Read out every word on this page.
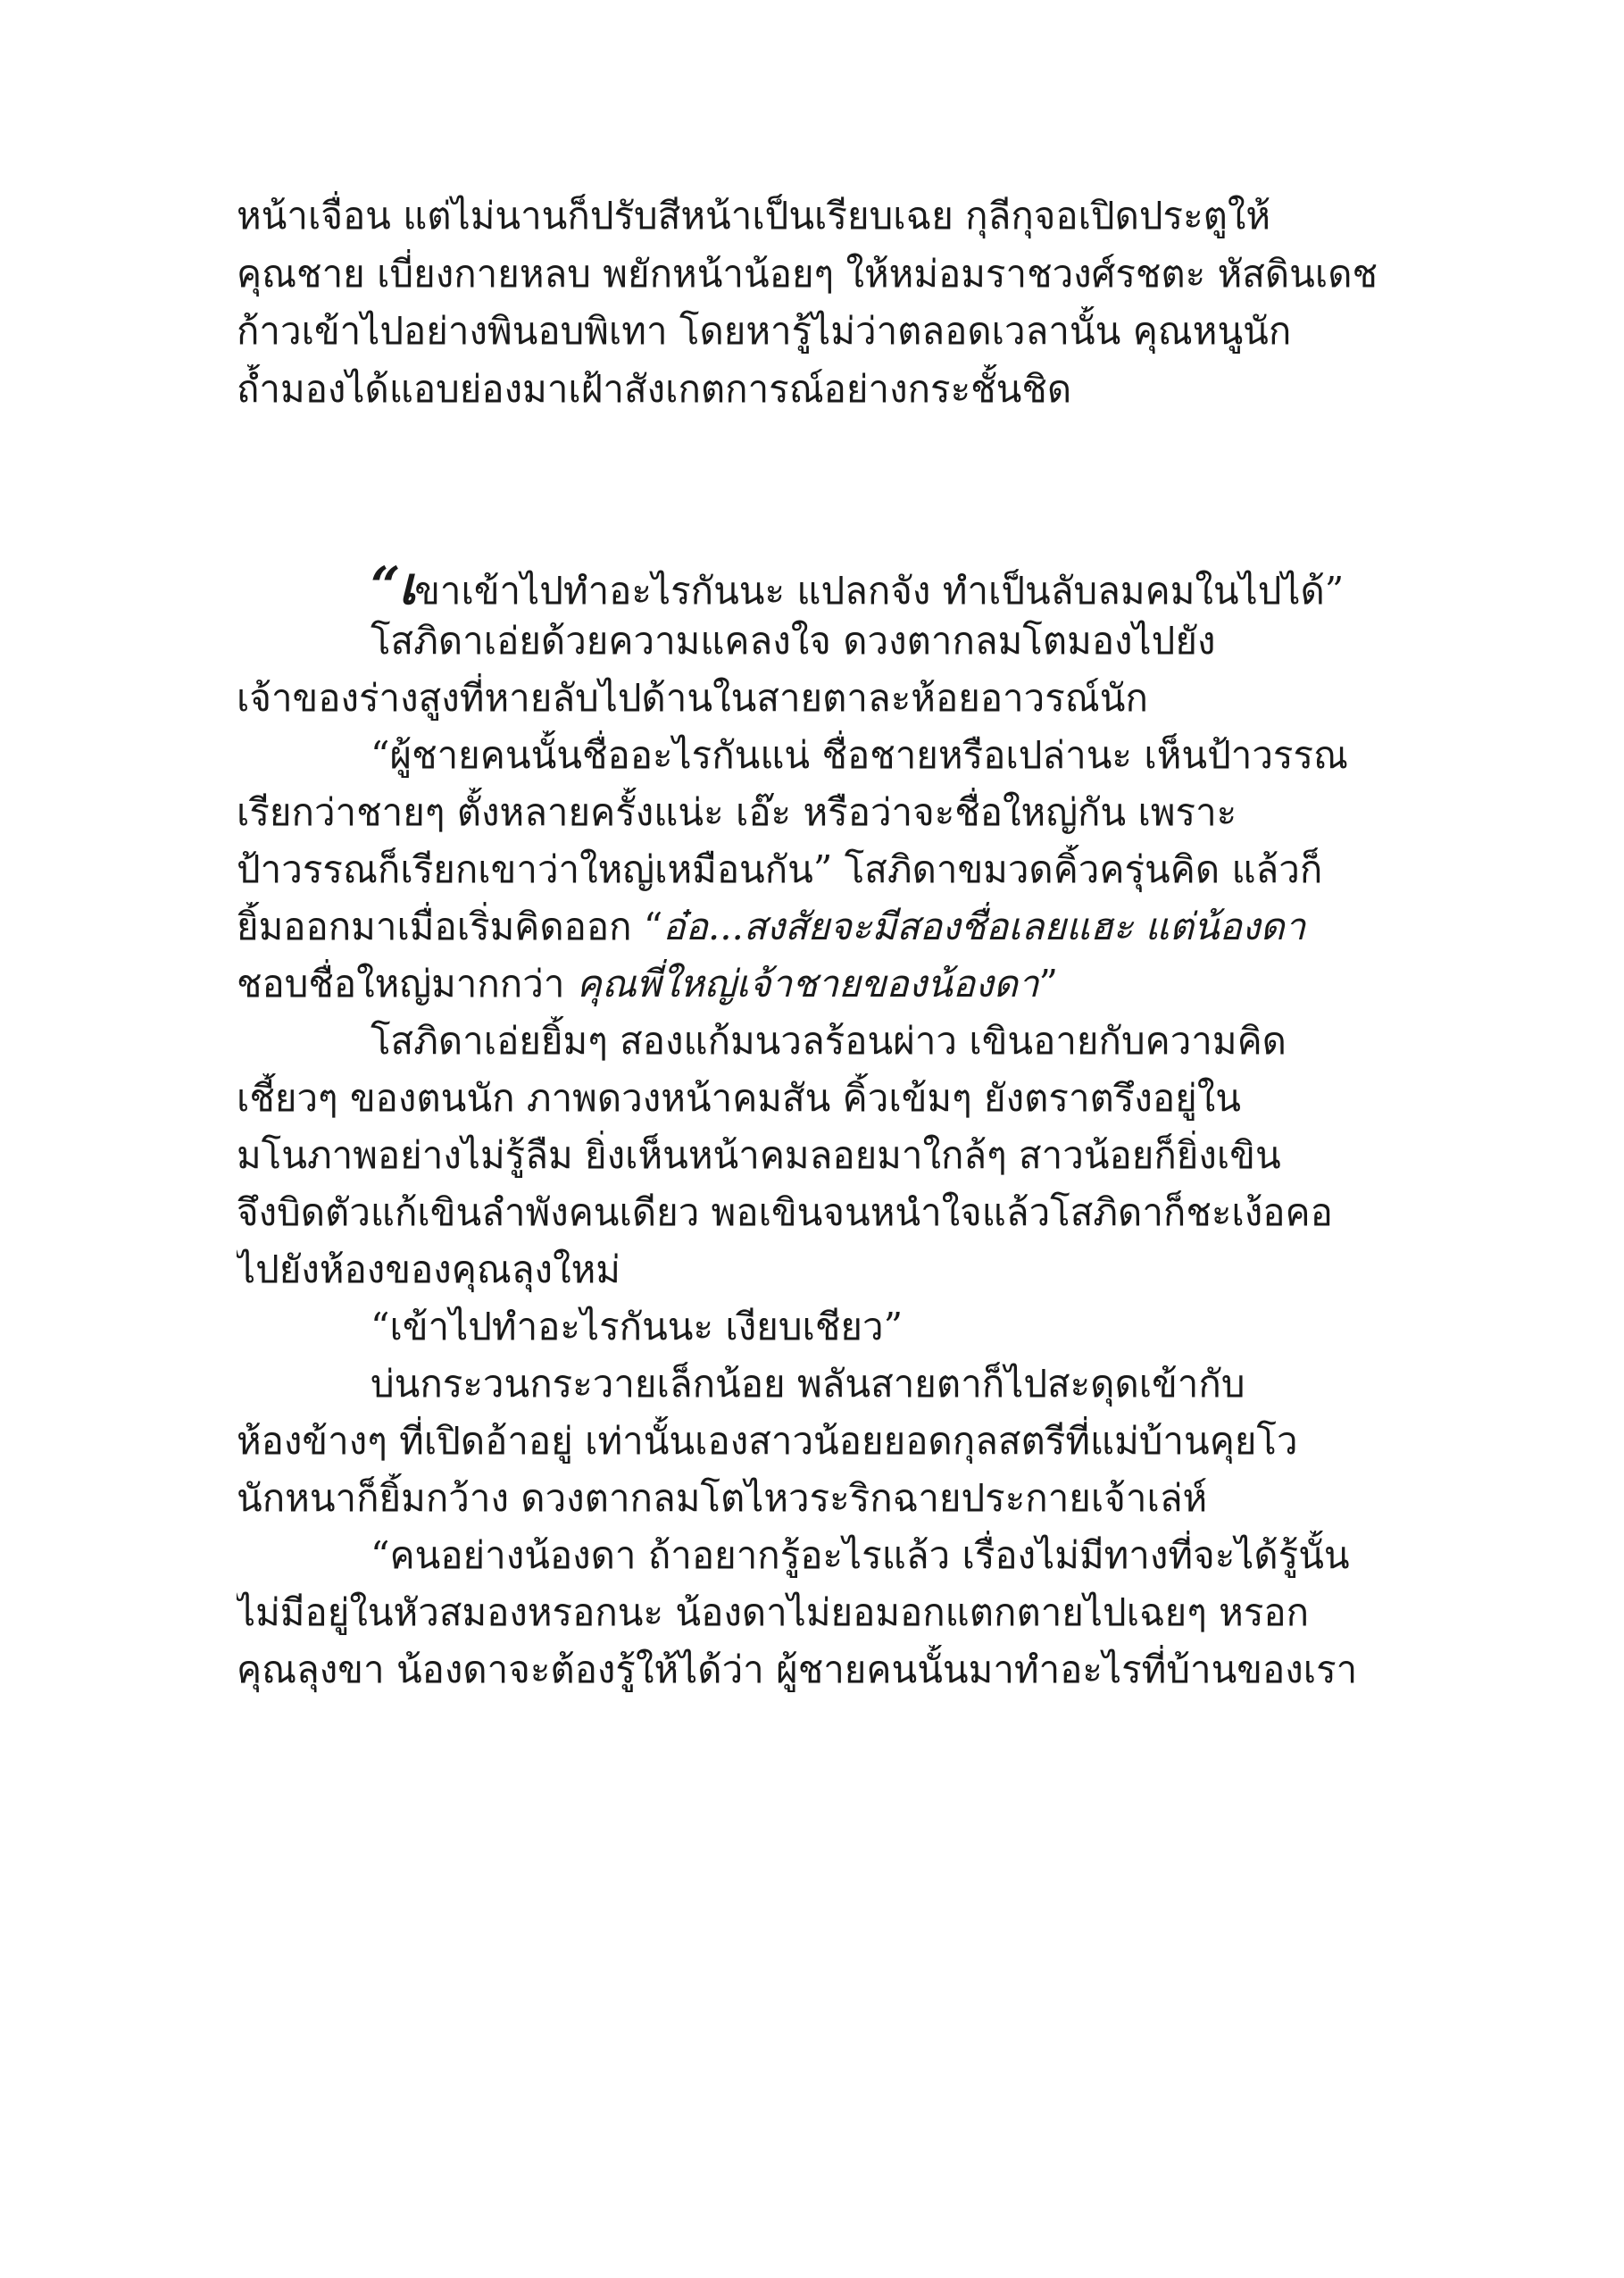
หน้าเจื่อน แต่ไม่นานก็ปรับสีหน้าเป็นเรียบเฉย กุลีกุจอเปิดประตูให้
คุณชาย เบี่ยงกายหลบ พยักหน้าน้อยๆ ให้หม่อมราชวงศ์รชตะ หัสดินเดช
ก้าวเข้าไปอย่างพินอบพิเทา โดยหารู้ไม่ว่าตลอดเวลานั้น คุณหนูนัก
ถ้ำมองได้แอบย่องมาเฝ้าสังเกตการณ์อย่างกระชั้นชิด
“เขาเข้าไปทำอะไรกันนะ แปลกจัง ทำเป็นลับลมคมในไปได้”
โสภิดาเอ่ยด้วยความแคลงใจ ดวงตากลมโตมองไปยัง
เจ้าของร่างสูงที่หายลับไปด้านในสายตาละห้อยอาวรณ์นัก
“ผู้ชายคนนั้นชื่ออะไรกันแน่ ชื่อชายหรือเปล่านะ เห็นป้าวรรณ
เรียกว่าชายๆ ตั้งหลายครั้งแน่ะ เอ๊ะ หรือว่าจะชื่อใหญ่กัน เพราะ
ป้าวรรณก็เรียกเขาว่าใหญ่เหมือนกัน” โสภิดาขมวดคิ้วครุ่นคิด แล้วก็
ยิ้มออกมาเมื่อเริ่มคิดออก “อ๋อ...สงสัยจะมีสองชื่อเลยแฮะ แต่น้องดา
ชอบชื่อใหญ่มากกว่า คุณพี่ใหญ่เจ้าชายของน้องดา”
โสภิดาเอ่ยยิ้มๆ สองแก้มนวลร้อนผ่าว เขินอายกับความคิด
เชี้ยวๆ ของตนนัก ภาพดวงหน้าคมสัน คิ้วเข้มๆ ยังตราตรึงอยู่ใน
มโนภาพอย่างไม่รู้ลืม ยิ่งเห็นหน้าคมลอยมาใกล้ๆ สาวน้อยก็ยิ่งเขิน
จึงบิดตัวแก้เขินลำพังคนเดียว พอเขินจนหนำใจแล้วโสภิดาก็ชะเง้อคอ
ไปยังห้องของคุณลุงใหม่
“เข้าไปทำอะไรกันนะ เงียบเชียว”
บ่นกระวนกระวายเล็กน้อย พลันสายตาก็ไปสะดุดเข้ากับ
ห้องข้างๆ ที่เปิดอ้าอยู่ เท่านั้นเองสาวน้อยยอดกุลสตรีที่แม่บ้านคุยโว
นักหนาก็ยิ้มกว้าง ดวงตากลมโตไหวระริกฉายประกายเจ้าเล่ห์
“คนอย่างน้องดา ถ้าอยากรู้อะไรแล้ว เรื่องไม่มีทางที่จะได้รู้นั้น
ไม่มีอยู่ในหัวสมองหรอกนะ น้องดาไม่ยอมอกแตกตายไปเฉยๆ หรอก
คุณลุงขา น้องดาจะต้องรู้ให้ได้ว่า ผู้ชายคนนั้นมาทำอะไรที่บ้านของเรา
